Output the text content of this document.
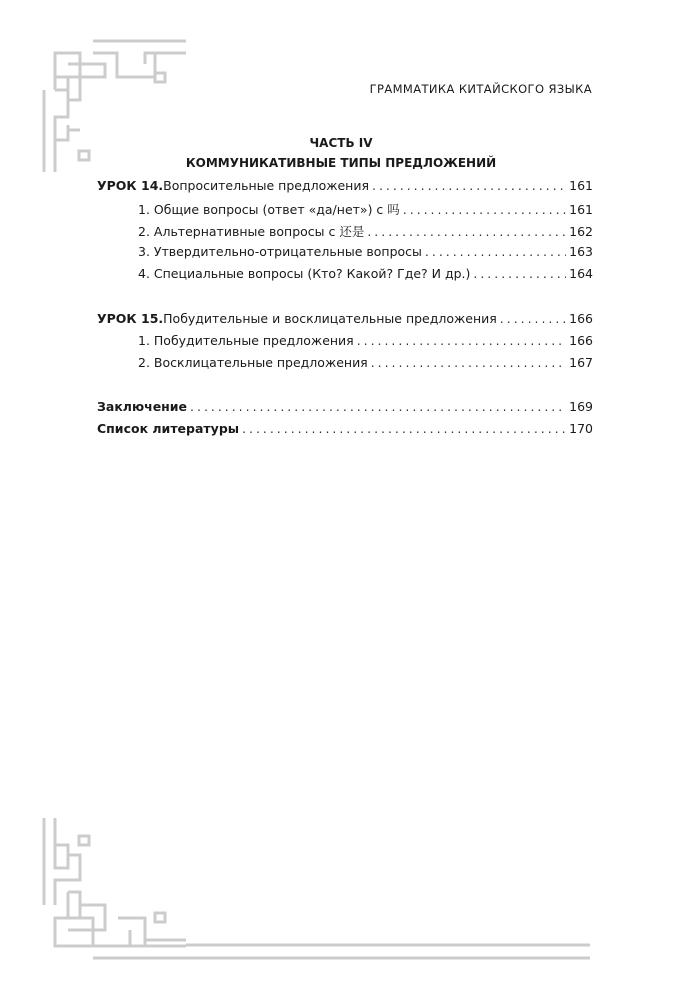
ГРАММАТИКА КИТАЙСКОГО ЯЗЫКА
ЧАСТЬ IV
КОММУНИКАТИВНЫЕ ТИПЫ ПРЕДЛОЖЕНИЙ
УРОК 14. Вопросительные предложения . . .	161
1. Общие вопросы (ответ «да/нет») с 吗 . . .	161
2. Альтернативные вопросы с 还是 . . .	162
3. Утвердительно-отрицательные вопросы . . .	163
4. Специальные вопросы (Кто? Какой? Где? И др.) . . .	164
УРОК 15. Побудительные и восклицательные предложения . . .	166
1. Побудительные предложения . . .	166
2. Восклицательные предложения . . .	167
Заключение . . .	169
Список литературы . . .	170
